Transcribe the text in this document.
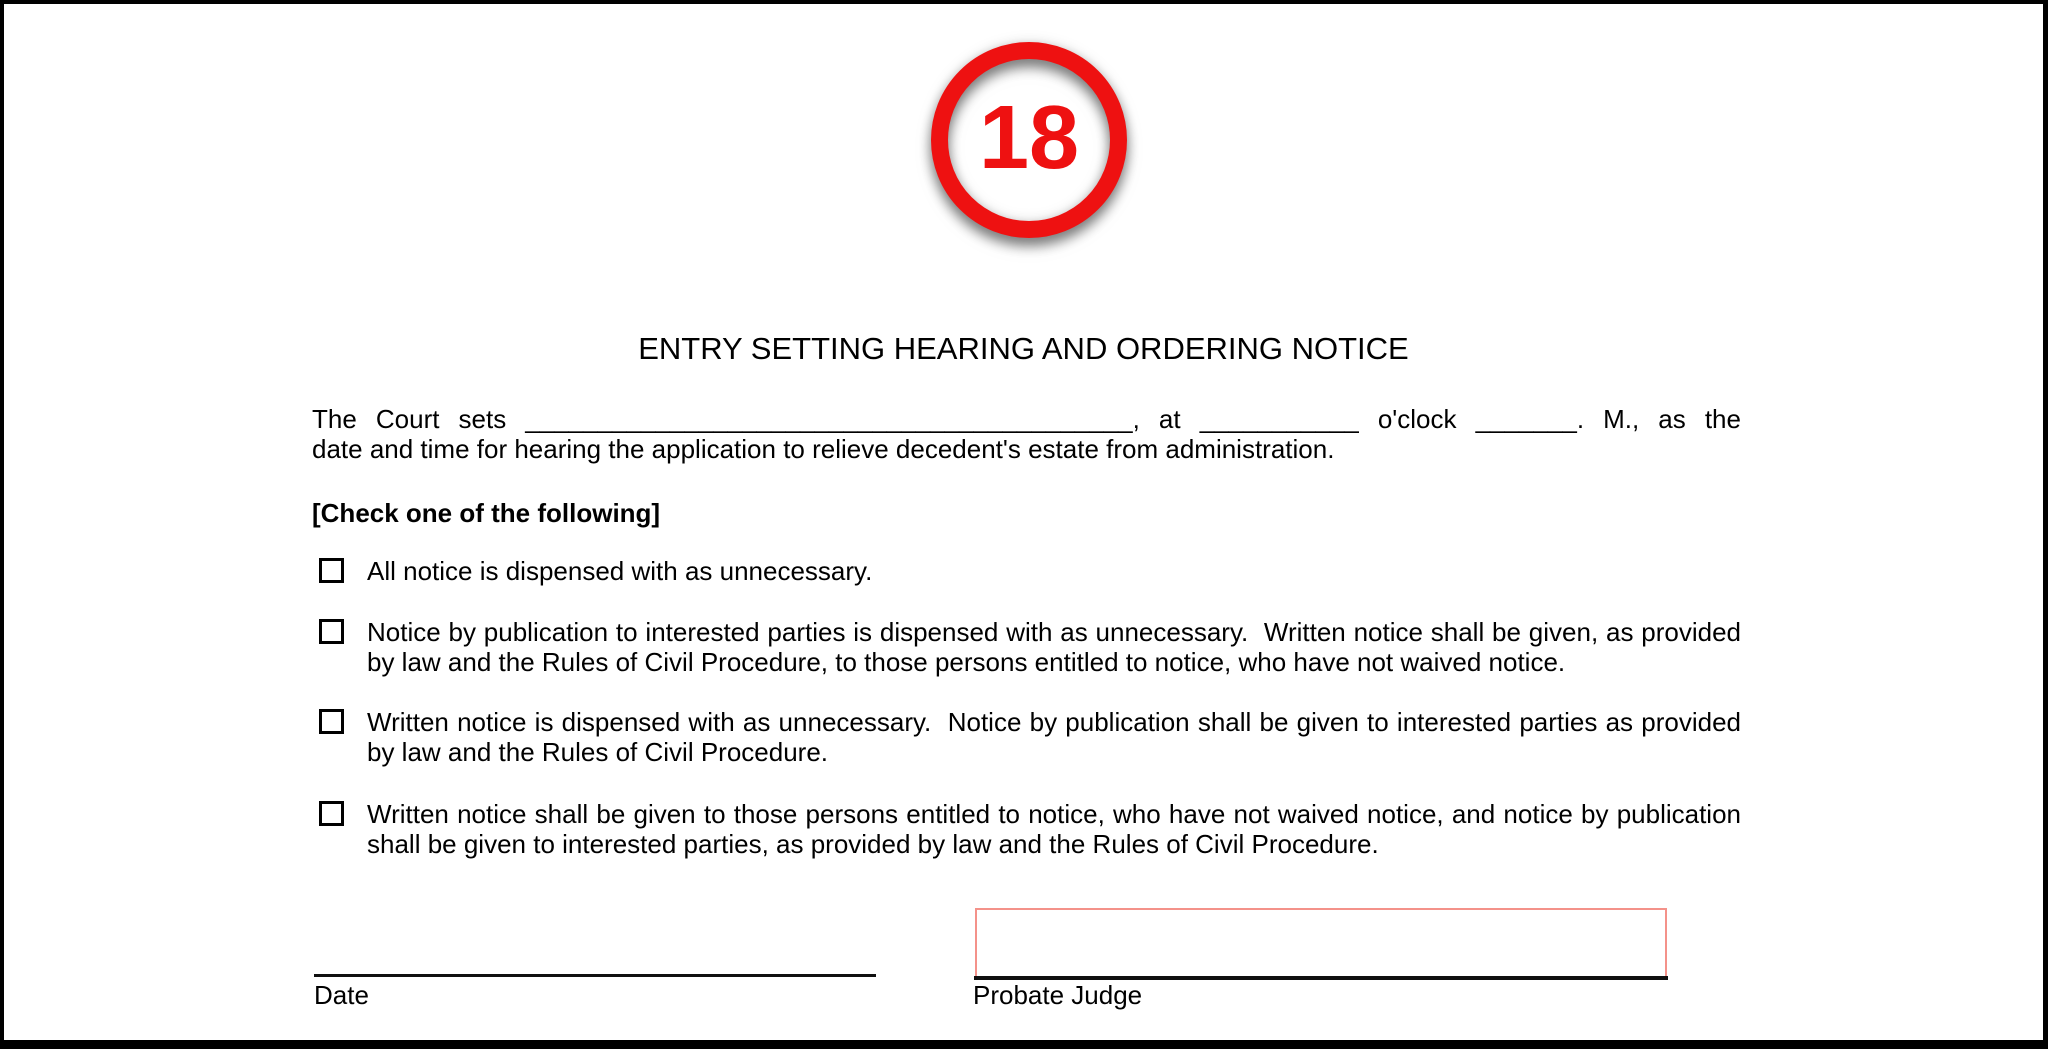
18
ENTRY SETTING HEARING AND ORDERING NOTICE
The Court sets __________________________________________, at ___________ o'clock _______. M., as the
date and time for hearing the application to relieve decedent's estate from administration.
[Check one of the following]
All notice is dispensed with as unnecessary.
Notice by publication to interested parties is dispensed with as unnecessary.  Written notice shall be given, as provided by law and the Rules of Civil Procedure, to those persons entitled to notice, who have not waived notice.
Written notice is dispensed with as unnecessary.  Notice by publication shall be given to interested parties as provided by law and the Rules of Civil Procedure.
Written notice shall be given to those persons entitled to notice, who have not waived notice, and notice by publication shall be given to interested parties, as provided by law and the Rules of Civil Procedure.
Date	Probate Judge
